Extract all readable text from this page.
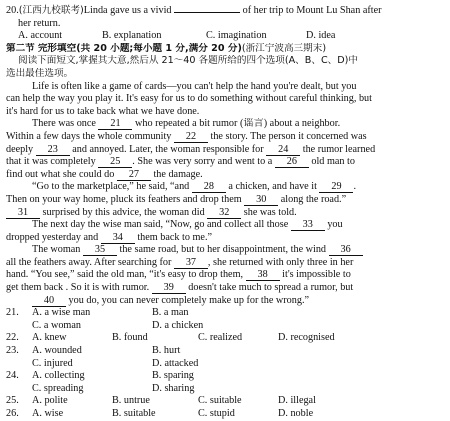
20.(江西九校联考)Linda gave us a vivid	of her trip to Mount Lu Shan after
her return.
A. account	B. explanation	C. imagination	D. idea
第二节 完形填空(共 20 小题;每小题 1 分,满分 20 分)(浙江宁波高三期末)
阅读下面短文,掌握其大意,然后从 21～40 各题所给的四个选项(A、B、C、D)中
选出最佳选项。
Life is often like a game of cards—you can't help the hand you're dealt, but you
can help the way you play it. It's easy for us to do something without careful thinking, but
it's hard for us to take back what we have done.
There was once 21 who repeated a bit rumor (谣言) about a neighbor.
Within a few days the whole community 22 the story. The person it concerned was
deeply 23 and annoyed. Later, the woman responsible for 24 the rumor learned
that it was completely 25 . She was very sorry and went to a 26 old man to
find out what she could do 27 the damage.
“Go to the marketplace,” he said, “and 28 a chicken, and have it 29 .
Then on your way home, pluck its feathers and drop them 30 along the road.”
31 surprised by this advice, the woman did 32 she was told.
The next day the wise man said, “Now, go and collect all those 33 you
dropped yesterday and 34 them back to me.”
The woman 35 the same road, but to her disappointment, the wind 36
all the feathers away. After searching for 37 , she returned with only three in her
hand. “You see,” said the old man, “it's easy to drop them, 38 it's impossible to
get them back . So it is with rumor. 39 doesn't take much to spread a rumor, but
40 you do, you can never completely make up for the wrong.”
21. A. a wise man	B. a man
C. a woman	D. a chicken
22. A. knew	B. found	C. realized	D. recognised
23. A. wounded	B. hurt
C. injured	D. attacked
24. A. collecting	B. sparing
C. spreading	D. sharing
25. A. polite	B. untrue	C. suitable	D. illegal
26. A. wise	B. suitable	C. stupid	D. noble
